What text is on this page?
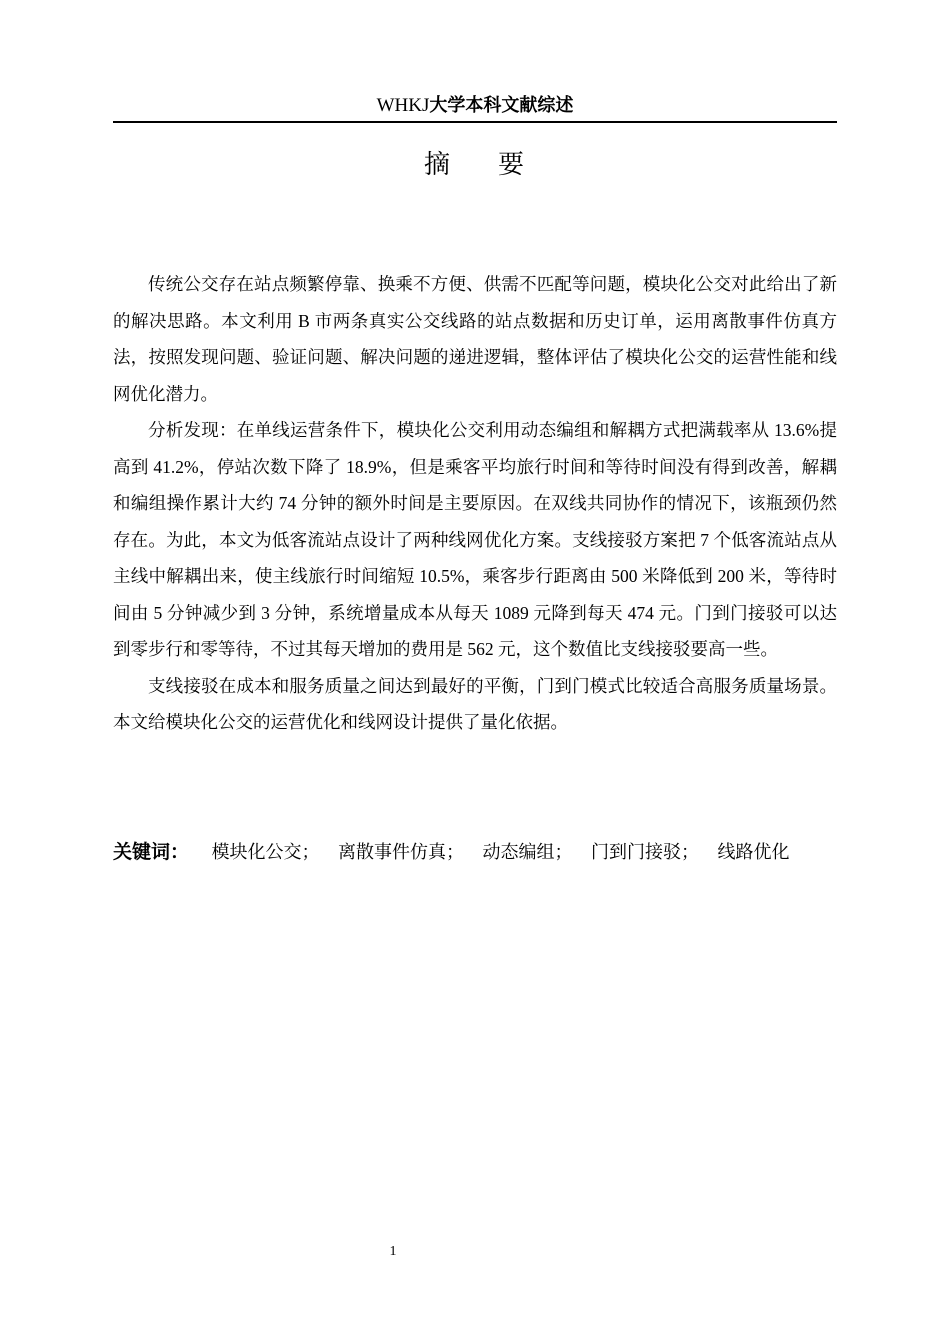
WHKJ大学本科文献综述
摘 要

传统公交存在站点频繁停靠、换乘不方便、供需不匹配等问题，模块化公交对此给出了新的解决思路。本文利用 B 市两条真实公交线路的站点数据和历史订单，运用离散事件仿真方法，按照发现问题、验证问题、解决问题的递进逻辑，整体评估了模块化公交的运营性能和线网优化潜力。

分析发现：在单线运营条件下，模块化公交利用动态编组和解耦方式把满载率从 13.6%提高到 41.2%，停站次数下降了 18.9%，但是乘客平均旅行时间和等待时间没有得到改善，解耦和编组操作累计大约 74 分钟的额外时间是主要原因。在双线共同协作的情况下，该瓶颈仍然存在。为此，本文为低客流站点设计了两种线网优化方案。支线接驳方案把 7 个低客流站点从主线中解耦出来，使主线旅行时间缩短 10.5%，乘客步行距离由 500 米降低到 200 米，等待时间由 5 分钟减少到 3 分钟，系统增量成本从每天 1089 元降到每天 474 元。门到门接驳可以达到零步行和零等待，不过其每天增加的费用是 562 元，这个数值比支线接驳要高一些。

支线接驳在成本和服务质量之间达到最好的平衡，门到门模式比较适合高服务质量场景。本文给模块化公交的运营优化和线网设计提供了量化依据。

关键词： 模块化公交； 离散事件仿真； 动态编组； 门到门接驳； 线路优化
1
